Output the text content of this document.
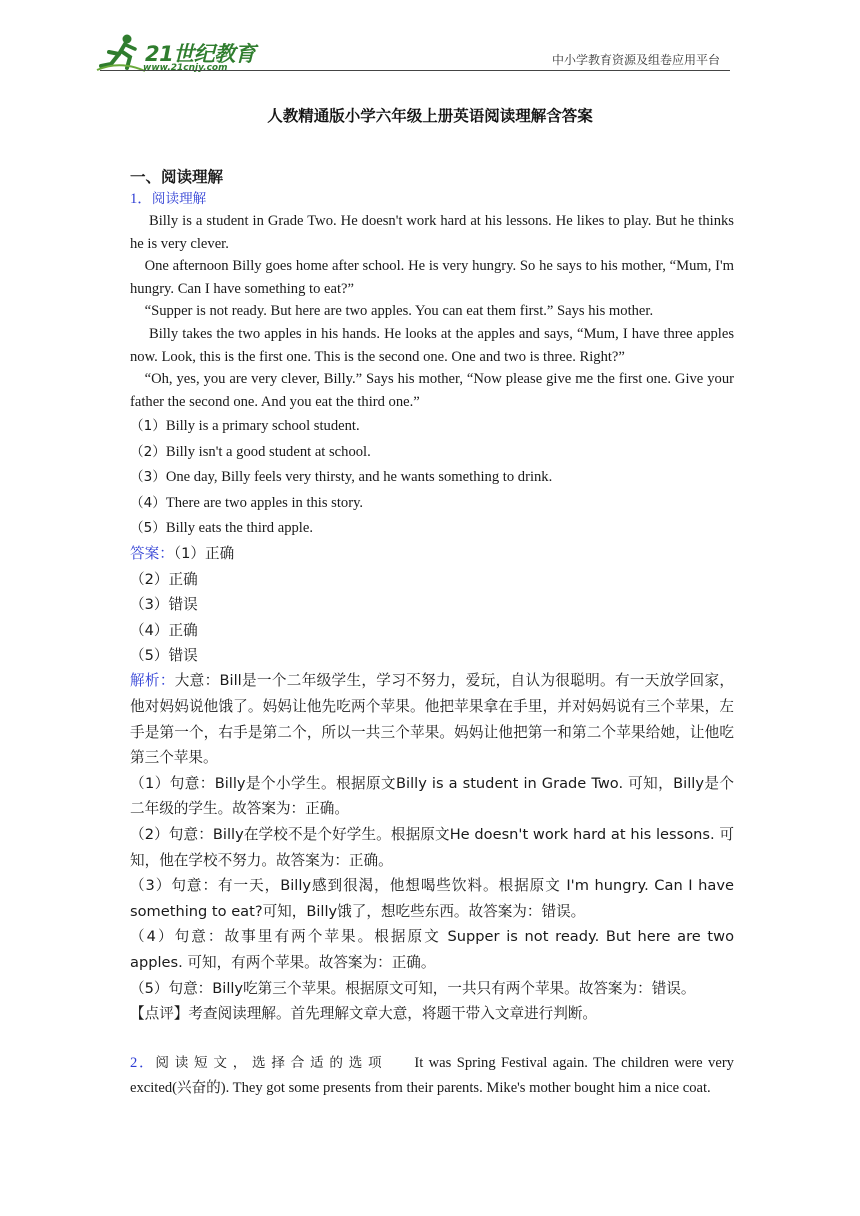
21世纪教育
www.21cnjy.com
中小学教育资源及组卷应用平台
人教精通版小学六年级上册英语阅读理解含答案

一、阅读理解

1．阅读理解

Billy is a student in Grade Two. He doesn't work hard at his lessons. He likes to play. But he thinks he is very clever.

One afternoon Billy goes home after school. He is very hungry. So he says to his mother, “Mum, I'm hungry. Can I have something to eat?”

“Supper is not ready. But here are two apples. You can eat them first.” Says his mother.

Billy takes the two apples in his hands. He looks at the apples and says, “Mum, I have three apples now. Look, this is the first one. This is the second one. One and two is three. Right?”

“Oh, yes, you are very clever, Billy.” Says his mother, “Now please give me the first one. Give your father the second one. And you eat the third one.”

（1）Billy is a primary school student.

（2）Billy isn't a good student at school.

（3）One day, Billy feels very thirsty, and he wants something to drink.

（4）There are two apples in this story.

（5）Billy eats the third apple.

答案：（1）正确

（2）正确

（3）错误

（4）正确

（5）错误

解析：大意：Bill是一个二年级学生，学习不努力，爱玩，自认为很聪明。有一天放学回家，他对妈妈说他饿了。妈妈让他先吃两个苹果。他把苹果拿在手里，并对妈妈说有三个苹果，左手是第一个，右手是第二个，所以一共三个苹果。妈妈让他把第一和第二个苹果给她，让他吃第三个苹果。

（1）句意：Billy是个小学生。根据原文Billy is a student in Grade Two. 可知，Billy是个二年级的学生。故答案为：正确。

（2）句意：Billy在学校不是个好学生。根据原文He doesn't work hard at his lessons. 可知，他在学校不努力。故答案为：正确。

（3）句意：有一天，Billy感到很渴，他想喝些饮料。根据原文 I'm hungry. Can I have something to eat?可知，Billy饿了，想吃些东西。故答案为：错误。

（4）句意：故事里有两个苹果。根据原文 Supper is not ready. But here are two apples. 可知，有两个苹果。故答案为：正确。

（5）句意：Billy吃第三个苹果。根据原文可知，一共只有两个苹果。故答案为：错误。

【点评】考查阅读理解。首先理解文章大意，将题干带入文章进行判断。

2．阅读短文，选择合适的选项 It was Spring Festival again. The children were very excited(兴奋的). They got some presents from their parents. Mike's mother bought him a nice coat.
